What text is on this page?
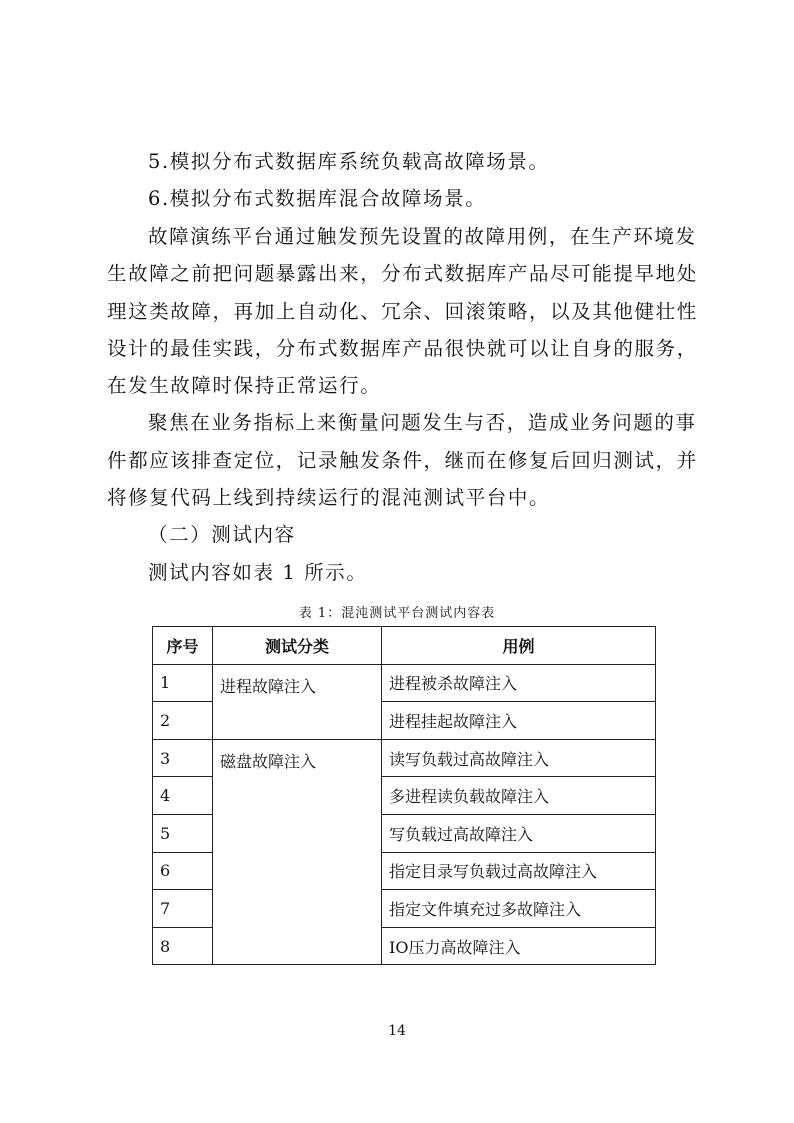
5.模拟分布式数据库系统负载高故障场景。
6.模拟分布式数据库混合故障场景。
故障演练平台通过触发预先设置的故障用例，在生产环境发
生故障之前把问题暴露出来，分布式数据库产品尽可能提早地处
理这类故障，再加上自动化、冗余、回滚策略，以及其他健壮性
设计的最佳实践，分布式数据库产品很快就可以让自身的服务，
在发生故障时保持正常运行。
聚焦在业务指标上来衡量问题发生与否，造成业务问题的事
件都应该排查定位，记录触发条件，继而在修复后回归测试，并
将修复代码上线到持续运行的混沌测试平台中。
（二）测试内容
测试内容如表 1 所示。
表 1：混沌测试平台测试内容表
序号	测试分类	用例
1	进程故障注入	进程被杀故障注入
2		进程挂起故障注入
3	磁盘故障注入	读写负载过高故障注入
4		多进程读负载故障注入
5		写负载过高故障注入
6		指定目录写负载过高故障注入
7		指定文件填充过多故障注入
8		IO压力高故障注入
14
